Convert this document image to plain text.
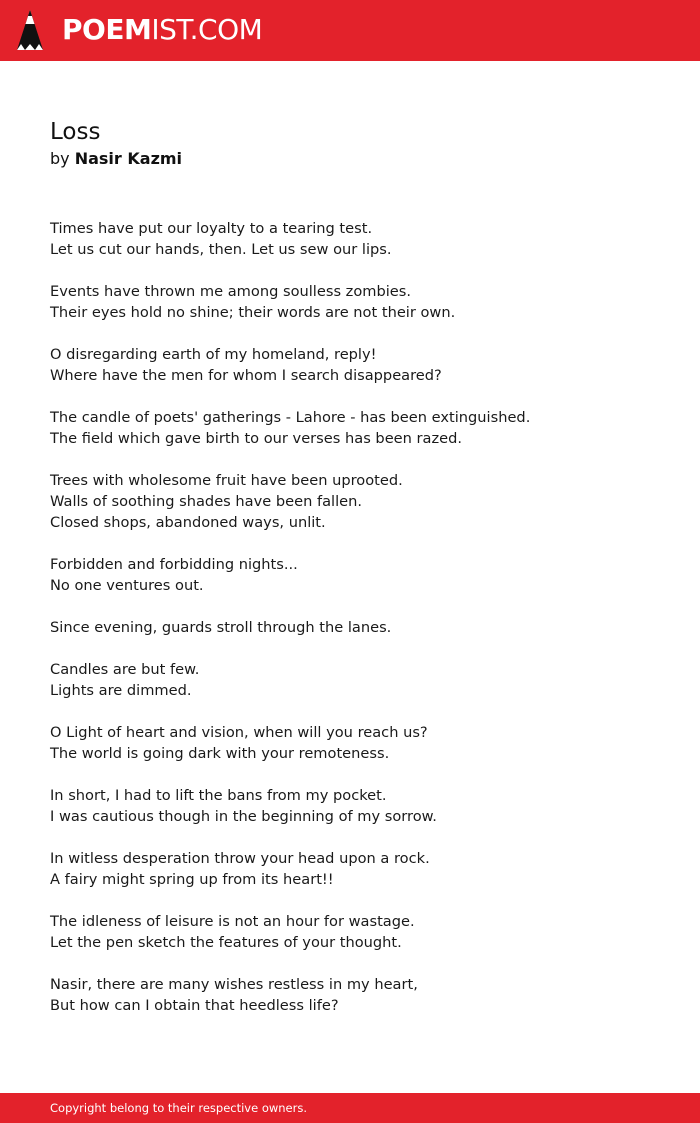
POEMIST.COM
Loss
by Nasir Kazmi
Times have put our loyalty to a tearing test.
Let us cut our hands, then. Let us sew our lips.
Events have thrown me among soulless zombies.
Their eyes hold no shine; their words are not their own.
O disregarding earth of my homeland, reply!
Where have the men for whom I search disappeared?
The candle of poets' gatherings - Lahore - has been extinguished.
The field which gave birth to our verses has been razed.
Trees with wholesome fruit have been uprooted.
Walls of soothing shades have been fallen.
Closed shops, abandoned ways, unlit.
Forbidden and forbidding nights...
No one ventures out.
Since evening, guards stroll through the lanes.
Candles are but few.
Lights are dimmed.
O Light of heart and vision, when will you reach us?
The world is going dark with your remoteness.
In short, I had to lift the bans from my pocket.
I was cautious though in the beginning of my sorrow.
In witless desperation throw your head upon a rock.
A fairy might spring up from its heart!!
The idleness of leisure is not an hour for wastage.
Let the pen sketch the features of your thought.
Nasir, there are many wishes restless in my heart,
But how can I obtain that heedless life?
Copyright belong to their respective owners.
